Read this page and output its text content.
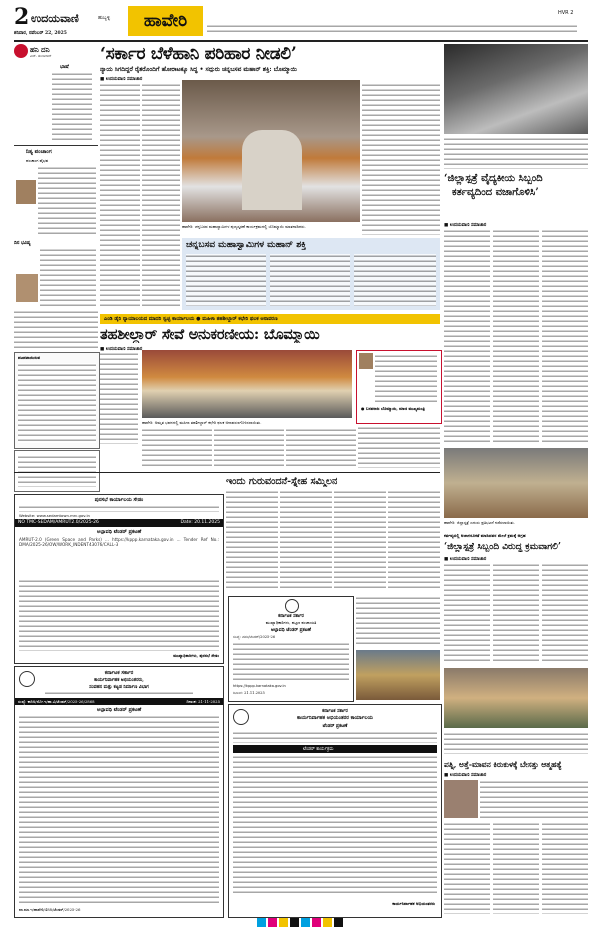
2 ಉದಯವಾಣಿ	ಹುಬ್ಬಳ್ಳಿ
ಶನಿವಾರ, ನವೆಂಬರ್ 22, 2025
ಹಾವೇರಿ	HVR 2
ಹನಿ ದನಿ
ಎಚ್. ಡುಂಡಿರಾಜ್
ಭಾಷೆ
ನಿತ್ಯ ಪಂಚಾಂಗ
ಪಂಚಾಂಗ ವೈಭವ
ದಿನ ಭವಿಷ್ಯ
ಪಟಪಟಾಯಿಸುವ
‘ಸರ್ಕಾರ ಬೆಳೆಹಾನಿ ಪರಿಹಾರ ನೀಡಲಿ’
ನ್ಯಾಯ ಸಿಗದಿದ್ದರೆ ರೈತರೊಂದಿಗೆ ಹೋರಾಟಕ್ಕೂ ಸಿದ್ಧ • ಸದ್ಗುರು ಚನ್ನಬಸವ ಮಹಾನ್ ಶಕ್ತಿ: ಬೊಮ್ಮಾಯಿ
■ ಉದಯವಾಣಿ ಸಮಾಚಾರ
ಹಾವೇರಿ: ಚನ್ನಬಸವ ಮಹಾಸ್ವಾಮಿಗಳ ಪುಣ್ಯಸ್ಮರಣೆ ಕಾರ್ಯಕ್ರಮದಲ್ಲಿ ಬೊಮ್ಮಾಯಿ ಮಾತನಾಡಿದರು.
ಚನ್ನಬಸವ ಮಹಾಸ್ವಾಮಿಗಳ ಮಹಾನ್ ಶಕ್ತಿ
‘ಜಿಲ್ಲಾಸ್ಪತ್ರೆ ವೈದ್ಯಕೀಯ ಸಿಬ್ಬಂದಿ
ಕರ್ತವ್ಯದಿಂದ ವಜಾಗೊಳಿಸಿ’
■ ಉದಯವಾಣಿ ಸಮಾಚಾರ
ಹಾವೇರಿ: ಜಿಲ್ಲಾಸ್ಪತ್ರೆ ಎದುರು ಪ್ರತಿಭಟನೆ ನಡೆಸಲಾಯಿತು.
ಎಂಡಿ ಡೈರಿ ನ್ಯಾಯಾಲಯದ ಮಾದರಿ ಸ್ವಚ್ಛ ಕಾರ್ಯಾಲಯ ● ಮಹಿಳಾ ತಹಶೀಲ್ದಾರ್ ಕಛೇರಿ ಫಲಕ ಅನಾವರಣ
ತಹಶೀಲ್ದಾರ್ ಸೇವೆ ಅನುಕರಣೀಯ: ಬೊಮ್ಮಾಯಿ
■ ಉದಯವಾಣಿ ಸಮಾಚಾರ
ಹಾವೇರಿ: ಅಮೃತ ಭವನದಲ್ಲಿ ಮಹಿಳಾ ತಹಶೀಲ್ದಾರ್ ಕಛೇರಿ ಫಲಕ ಅನಾವರಣಗೊಳಿಸಲಾಯಿತು.
● ಬಸವರಾಜ ಬೊಮ್ಮಾಯಿ, ಮಾಜಿ ಮುಖ್ಯಮಂತ್ರಿ
ಪುರಸಭೆ ಕಾರ್ಯಾಲಯ ಸೇಡಂ
Website: www.sedamtown.mrc.gov.in
NO TMC-SEDAM/AMRUT2.0/2025-26	Date: 20.11.2025
ಅಲ್ಪಾವಧಿ ಟೆಂಡರ್ ಪ್ರಕಟಣೆ
AMRUT-2.0 (Green Space and Parks) ... https://kppp.karnataka.gov.in ... Tender Ref No.: DMA/2025-26/OW/WORK_INDENT43076/CALL-3
ಮುಖ್ಯಾಧಿಕಾರಿಗಳು, ಪುರಸಭೆ ಸೇಡಂ
ಇಂದು ಗುರುವಂದನೆ-ಸ್ನೇಹ ಸಮ್ಮಿಲನ
ಕರ್ನಾಟಕ ಸರ್ಕಾರ
ಮುಖ್ಯಾಧಿಕಾರಿಗಳು, ಪಟ್ಟಣ ಪಂಚಾಯತಿ
ಅಲ್ಪಾವಧಿ ಟೆಂಡರ್ ಪ್ರಕಟಣೆ
ಸಂಖ್ಯೆ: ಪಪಂ/ಟೆಂಡರ್/2025-26
https://kppp.karnataka.gov.in
ದಿನಾಂಕ: 21.11.2025
ಕರ್ತವ್ಯದಲ್ಲಿ ಅಜಾಗರೂಕತೆ ಮಾಡಿದವರ ಮೇಲೆ ಕ್ರಮಕ್ಕೆ ಆಗ್ರಹ
‘ಜಿಲ್ಲಾಸ್ಪತ್ರೆ ಸಿಬ್ಬಂದಿ ವಿರುದ್ಧ ಕ್ರಮವಾಗಲಿ’
■ ಉದಯವಾಣಿ ಸಮಾಚಾರ
ಕರ್ನಾಟಕ ಸರ್ಕಾರ
ಕಾರ್ಯನಿರ್ವಾಹಕ ಅಭಿಯಂತರರು,
ಸಂವಹನ ಮತ್ತು ಕಟ್ಟಡ ನಿರ್ಮಾಣ ವಿಭಾಗ
ಸಂಖ್ಯೆ: ಕಾನಿಅ/ಲೋ.ಇ/ಹಾ.ವಿ/ಟೆಂಡರ್/2025-26/2868	ದಿನಾಂಕ: 21-11-2025
ಅಲ್ಪಾವಧಿ ಟೆಂಡರ್ ಪ್ರಕಟಣೆ
ವಾ.ಮಾ.ಇ/ಹಾವೇರಿ/488/ಟೆಂಡರ್/2025-26
ಕರ್ನಾಟಕ ಸರ್ಕಾರ
ಕಾರ್ಯನಿರ್ವಾಹಕ ಅಭಿಯಂತರರ ಕಾರ್ಯಾಲಯ
ಟೆಂಡರ್ ಪ್ರಕಟಣೆ
ಟೆಂಡರ್ ಕಾರ್ಯಕ್ರಮ
ಕಾರ್ಯನಿರ್ವಾಹಕ ಅಭಿಯಂತರರು
ಪತ್ನಿ, ಅತ್ತೆ-ಮಾವನ ಕಿರುಕುಳಕ್ಕೆ ಬೇಸತ್ತು ಆತ್ಮಹತ್ಯೆ
■ ಉದಯವಾಣಿ ಸಮಾಚಾರ
